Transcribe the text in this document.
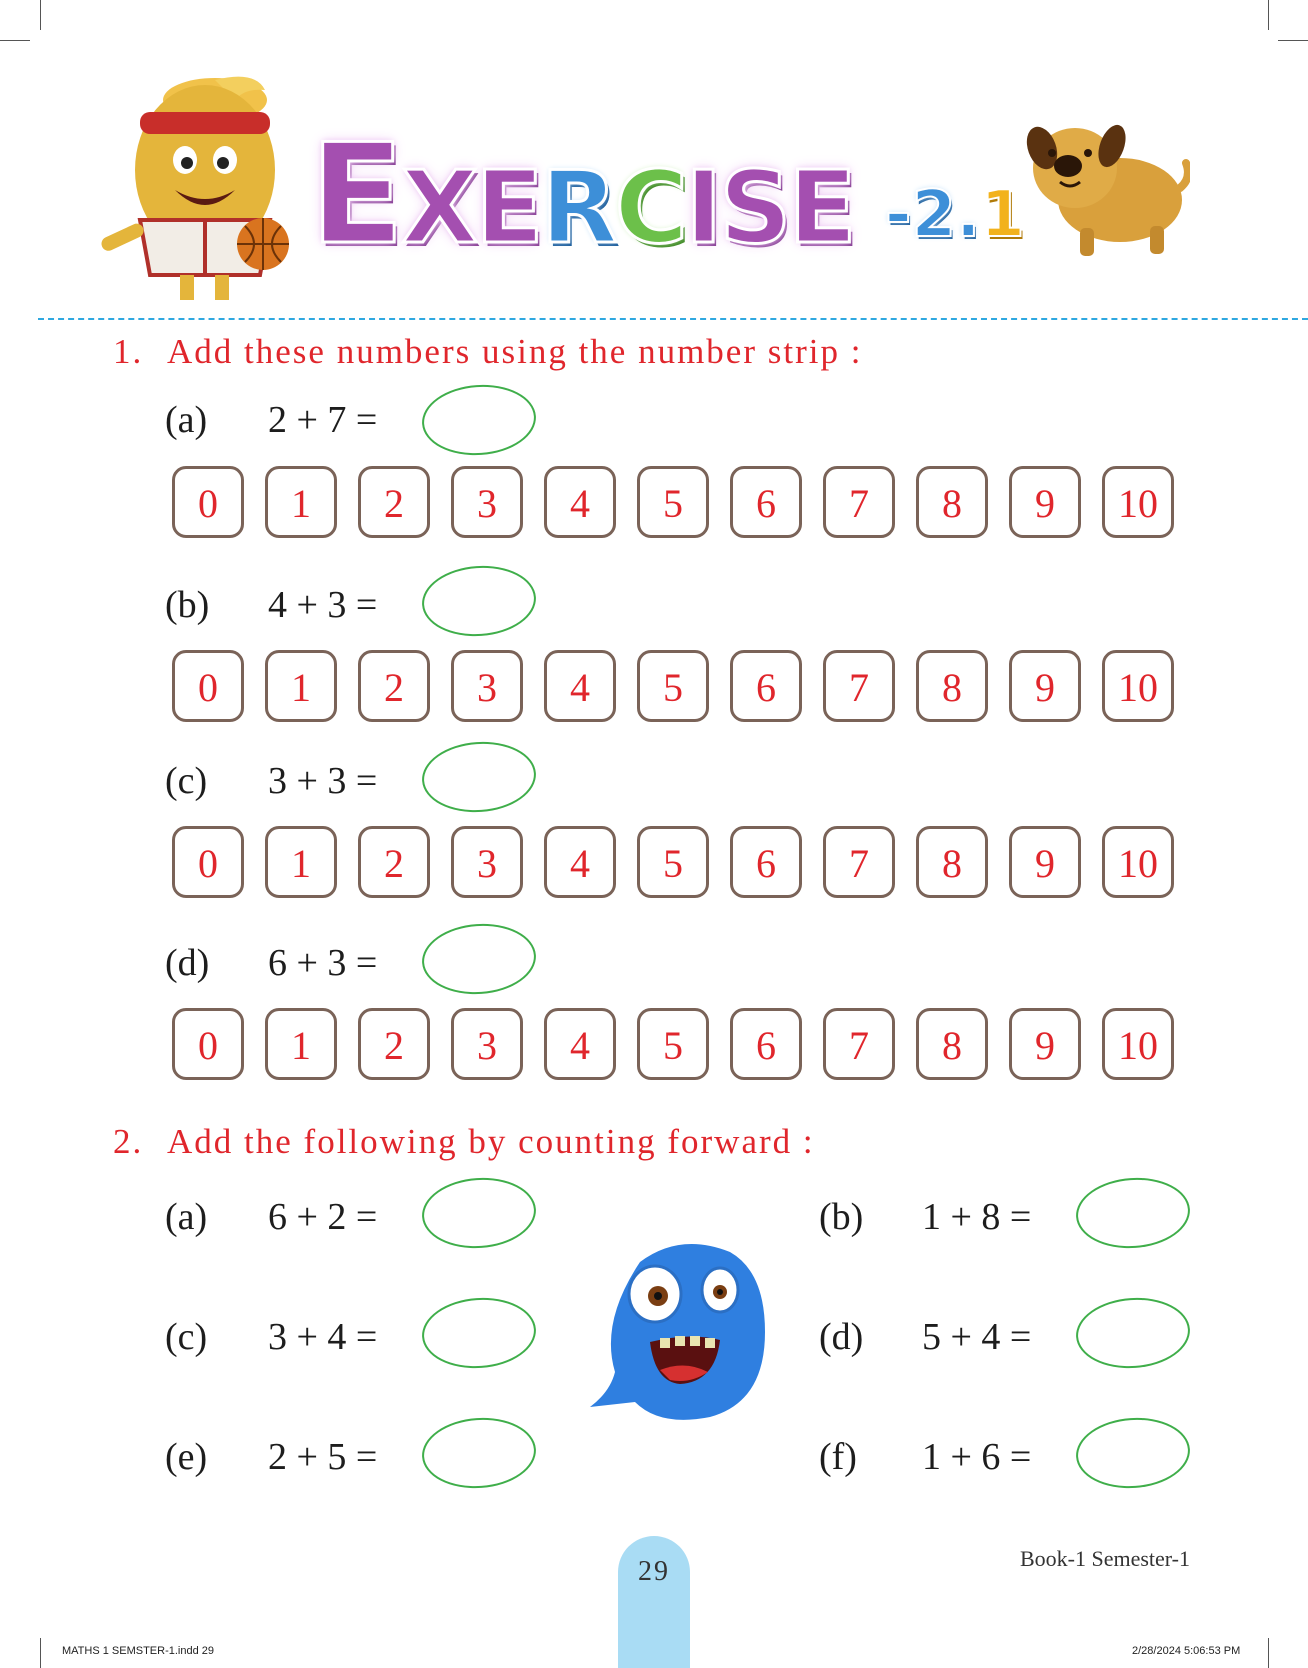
EXERCISE -2.1
1. Add these numbers using the number strip :
(a) 2 + 7 =
0	1	2	3	4	5	6	7	8	9	10
(b) 4 + 3 =
0	1	2	3	4	5	6	7	8	9	10
(c) 3 + 3 =
0	1	2	3	4	5	6	7	8	9	10
(d) 6 + 3 =
0	1	2	3	4	5	6	7	8	9	10
2. Add the following by counting forward :
(a) 6 + 2 =
(c) 3 + 4 =
(e) 2 + 5 =
(b) 1 + 8 =
(d) 5 + 4 =
(f) 1 + 6 =
29	Book-1 Semester-1
MATHS 1 SEMSTER-1.indd 29	2/28/2024 5:06:53 PM
